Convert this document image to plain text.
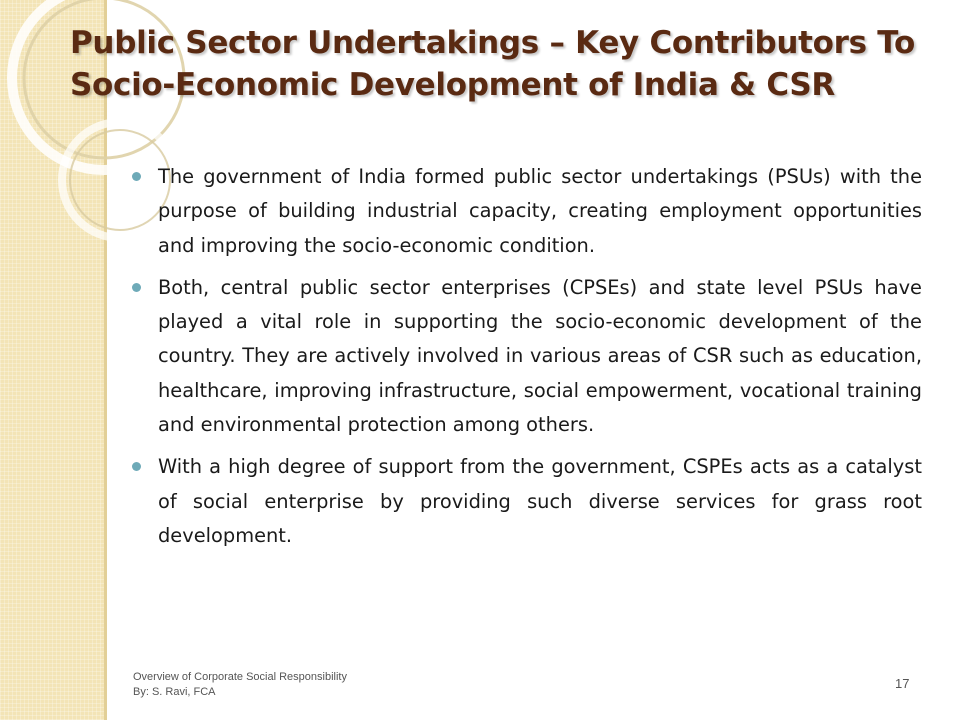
Public Sector Undertakings – Key Contributors To
Socio-Economic Development of India & CSR
The government of India formed public sector undertakings (PSUs) with the purpose of building industrial capacity, creating employment opportunities and improving the socio-economic condition.
Both, central public sector enterprises (CPSEs) and state level PSUs have played a vital role in supporting the socio-economic development of the country. They are actively involved in various areas of CSR such as education, healthcare, improving infrastructure, social empowerment, vocational training and environmental protection among others.
With a high degree of support from the government, CSPEs acts as a catalyst of social enterprise by providing such diverse services for grass root development.
Overview of Corporate Social Responsibility
By: S. Ravi, FCA
17
